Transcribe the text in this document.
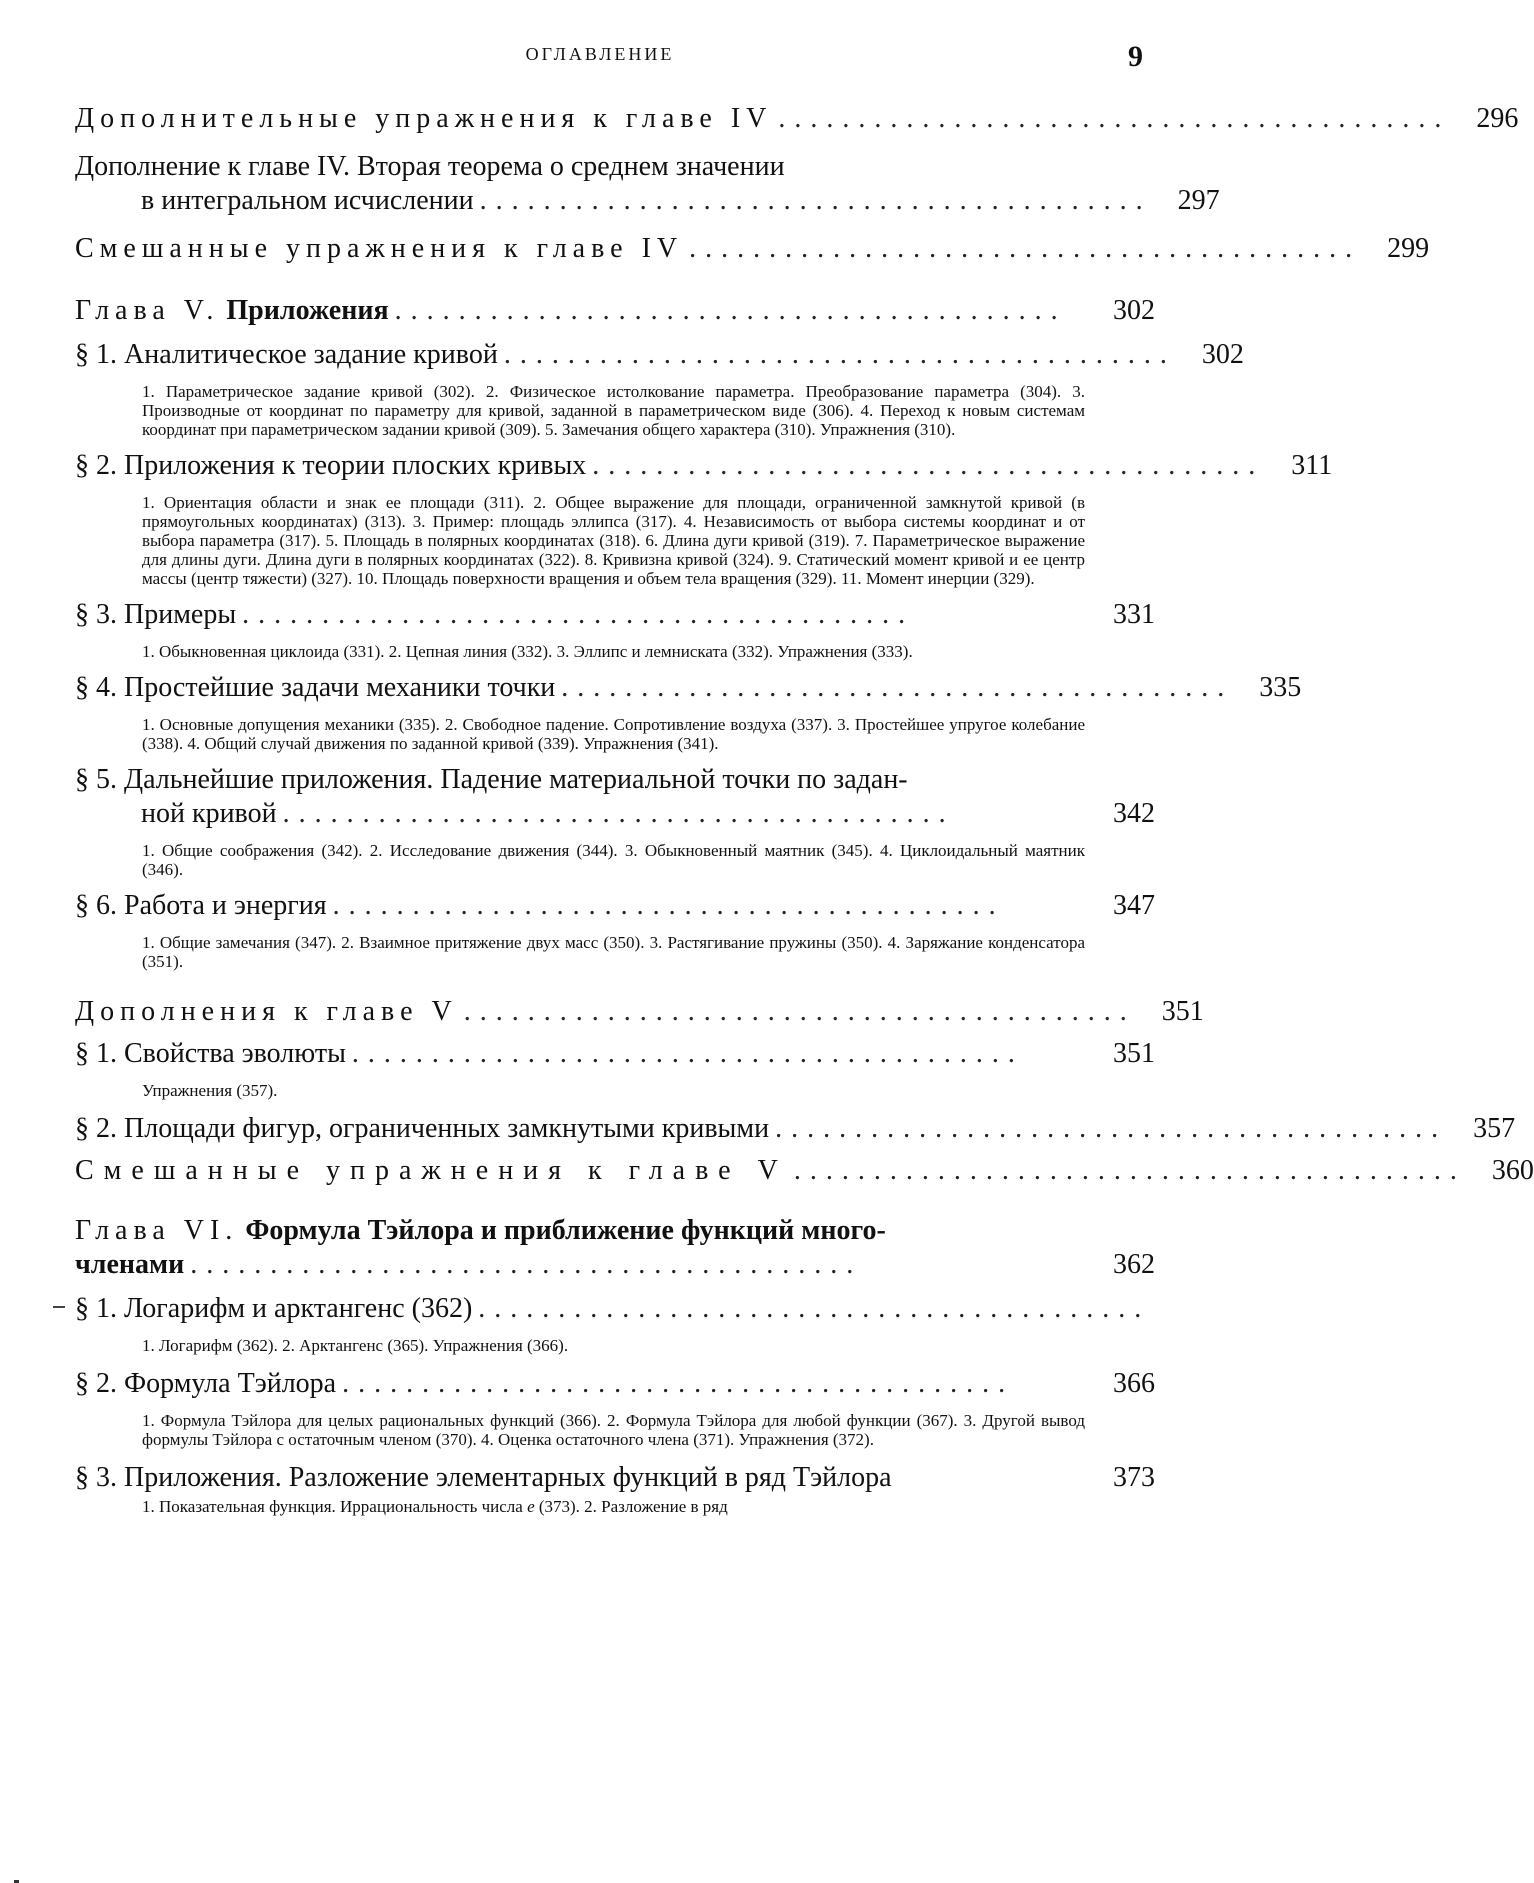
ОГЛАВЛЕНИЕ	9
Дополнительные упражнения к главе IV .......................................... 296
Дополнение к главе IV. Вторая теорема о среднем значении
в интегральном исчислении .......................................... 297
Смешанные упражнения к главе IV .......................................... 299
Глава V. Приложения ..........................................	302
§ 1. Аналитическое задание кривой .......................................... 302
1. Параметрическое задание кривой (302). 2. Физическое истолкование параметра. Преобразование параметра (304). 3. Производные от координат по параметру для кривой, заданной в параметрическом виде (306). 4. Переход к новым системам координат при параметрическом задании кривой (309). 5. Замечания общего характера (310). Упражнения (310).
§ 2. Приложения к теории плоских кривых .......................................... 311
1. Ориентация области и знак ее площади (311). 2. Общее выражение для площади, ограниченной замкнутой кривой (в прямоугольных координатах) (313). 3. Пример: площадь эллипса (317). 4. Независимость от выбора системы координат и от выбора параметра (317). 5. Площадь в полярных координатах (318). 6. Длина дуги кривой (319). 7. Параметрическое выражение для длины дуги. Длина дуги в полярных координатах (322). 8. Кривизна кривой (324). 9. Статический момент кривой и ее центр массы (центр тяжести) (327). 10. Площадь поверхности вращения и объем тела вращения (329). 11. Момент инерции (329).
§ 3. Примеры ..........................................	331
1. Обыкновенная циклоида (331). 2. Цепная линия (332). 3. Эллипс и лемниската (332). Упражнения (333).
§ 4. Простейшие задачи механики точки .......................................... 335
1. Основные допущения механики (335). 2. Свободное падение. Сопротивление воздуха (337). 3. Простейшее упругое колебание (338). 4. Общий случай движения по заданной кривой (339). Упражнения (341).
§ 5. Дальнейшие приложения. Падение материальной точки по задан-
ной кривой ..........................................	342
1. Общие соображения (342). 2. Исследование движения (344). 3. Обыкновенный маятник (345). 4. Циклоидальный маятник (346).
§ 6. Работа и энергия ..........................................	347
1. Общие замечания (347). 2. Взаимное притяжение двух масс (350). 3. Растягивание пружины (350). 4. Заряжание конденсатора (351).
Дополнения к главе V .......................................... 351
§ 1. Свойства эволюты ..........................................	351
Упражнения (357).
§ 2. Площади фигур, ограниченных замкнутыми кривыми .......................................... 357
Смешанные упражнения к главе V .......................................... 360
Глава VI. Формула Тэйлора и приближение функций много-
членами ..........................................	362
§ 1. Логарифм и арктангенс (362) ..........................................
1. Логарифм (362). 2. Арктангенс (365). Упражнения (366).
§ 2. Формула Тэйлора ..........................................	366
1. Формула Тэйлора для целых рациональных функций (366). 2. Формула Тэйлора для любой функции (367). 3. Другой вывод формулы Тэйлора с остаточным членом (370). 4. Оценка остаточного члена (371). Упражнения (372).
§ 3. Приложения. Разложение элементарных функций в ряд Тэйлора	373
1. Показательная функция. Иррациональность числа e (373). 2. Разложение в ряд
